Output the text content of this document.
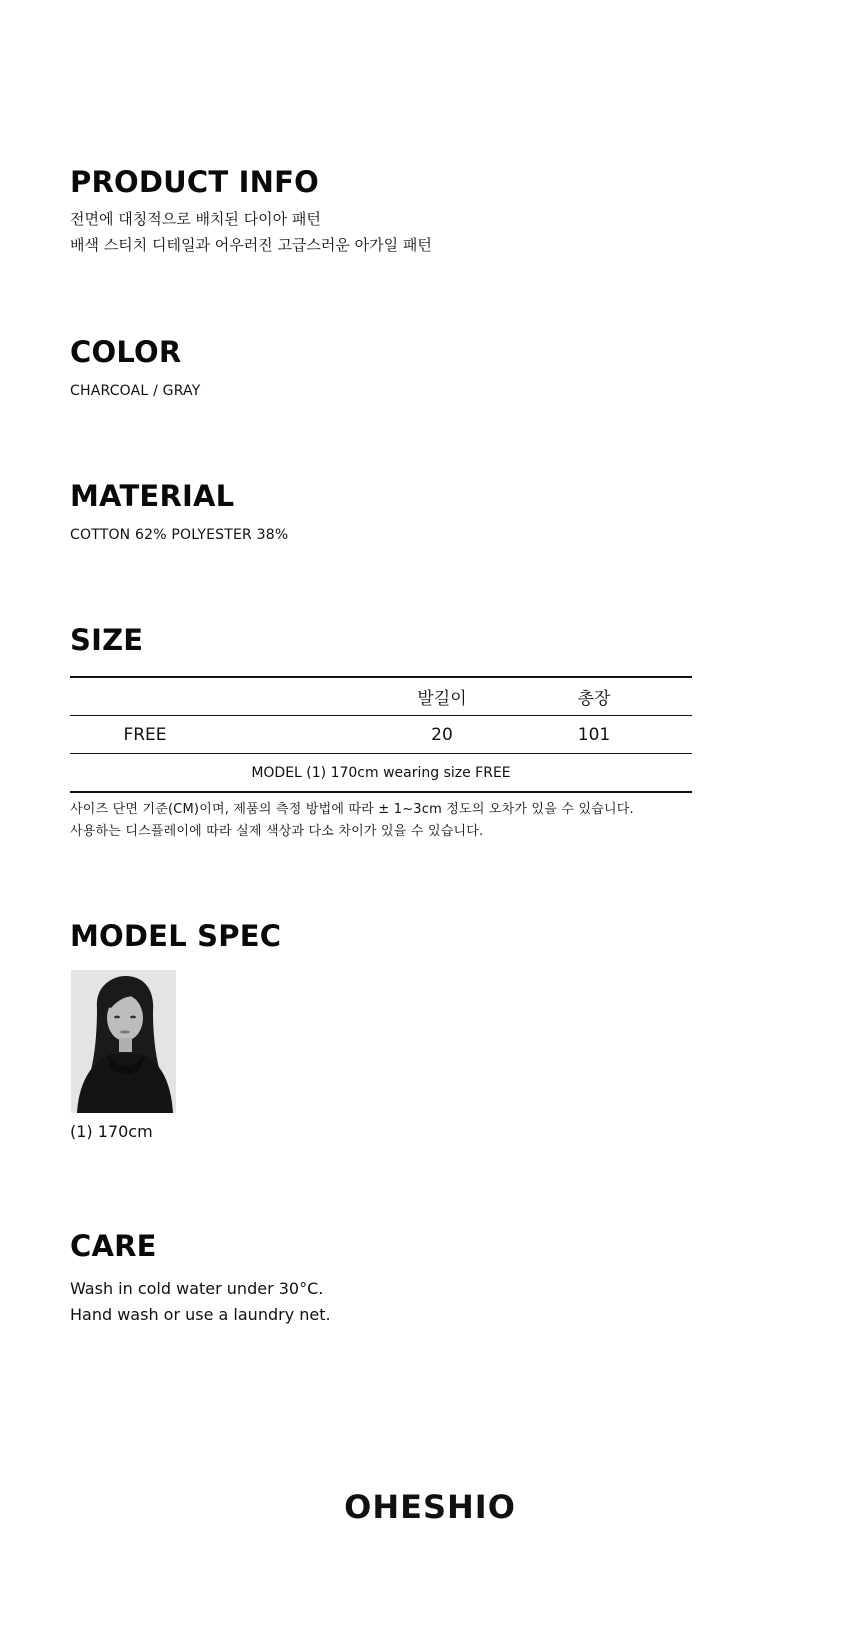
PRODUCT INFO
전면에 대칭적으로 배치된 다이아 패턴
배색 스티치 디테일과 어우러진 고급스러운 아가일 패턴
COLOR
CHARCOAL / GRAY
MATERIAL
COTTON 62% POLYESTER 38%
SIZE
	발길이	총장	
FREE	20	101	
MODEL (1) 170cm wearing size FREE			
사이즈 단면 기준(CM)이며, 제품의 측정 방법에 따라 ± 1~3cm 정도의 오차가 있을 수 있습니다.
사용하는 디스플레이에 따라 실제 색상과 다소 차이가 있을 수 있습니다.
MODEL SPEC
(1) 170cm
CARE
Wash in cold water under 30°C.
Hand wash or use a laundry net.
OHESHIO
